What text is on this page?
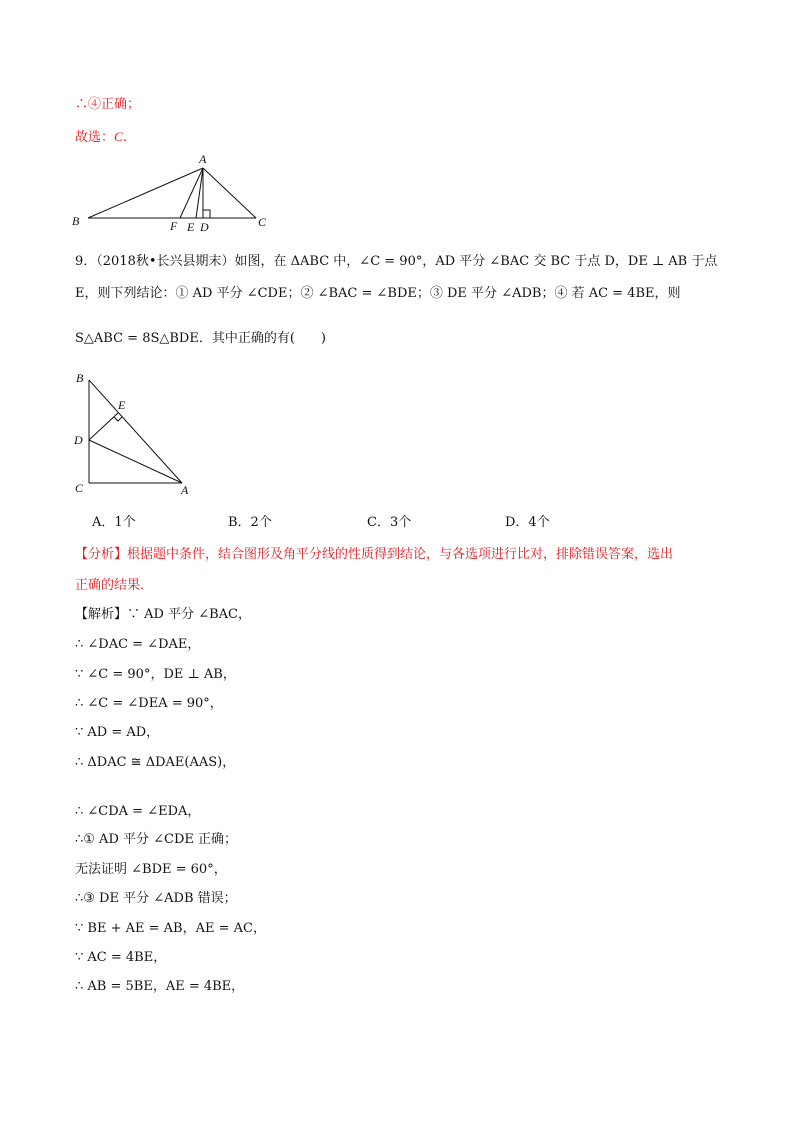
∴④正确；
故选：C.
A
B	C
F E D
9．（2018秋•长兴县期末）如图，在 ΔABC 中，∠C = 90°，AD 平分 ∠BAC 交 BC 于点 D，DE ⊥ AB 于点
E，则下列结论：① AD 平分 ∠CDE；② ∠BAC = ∠BDE；③ DE 平分 ∠ADB；④ 若 AC = 4BE，则
S△ABC = 8S△BDE．其中正确的有(　　)
B
E
D
C	A
A．1个	B．2个	C．3个	D．4个
【分析】根据题中条件，结合图形及角平分线的性质得到结论，与各选项进行比对，排除错误答案，选出
正确的结果．
【解析】∵ AD 平分 ∠BAC，
∴ ∠DAC = ∠DAE，
∵ ∠C = 90°，DE ⊥ AB，
∴ ∠C = ∠DEA = 90°，
∵ AD = AD，
∴ ΔDAC ≅ ΔDAE(AAS)，
∴ ∠CDA = ∠EDA，
∴① AD 平分 ∠CDE 正确；
无法证明 ∠BDE = 60°，
∴③ DE 平分 ∠ADB 错误；
∵ BE + AE = AB，AE = AC，
∵ AC = 4BE，
∴ AB = 5BE，AE = 4BE，
